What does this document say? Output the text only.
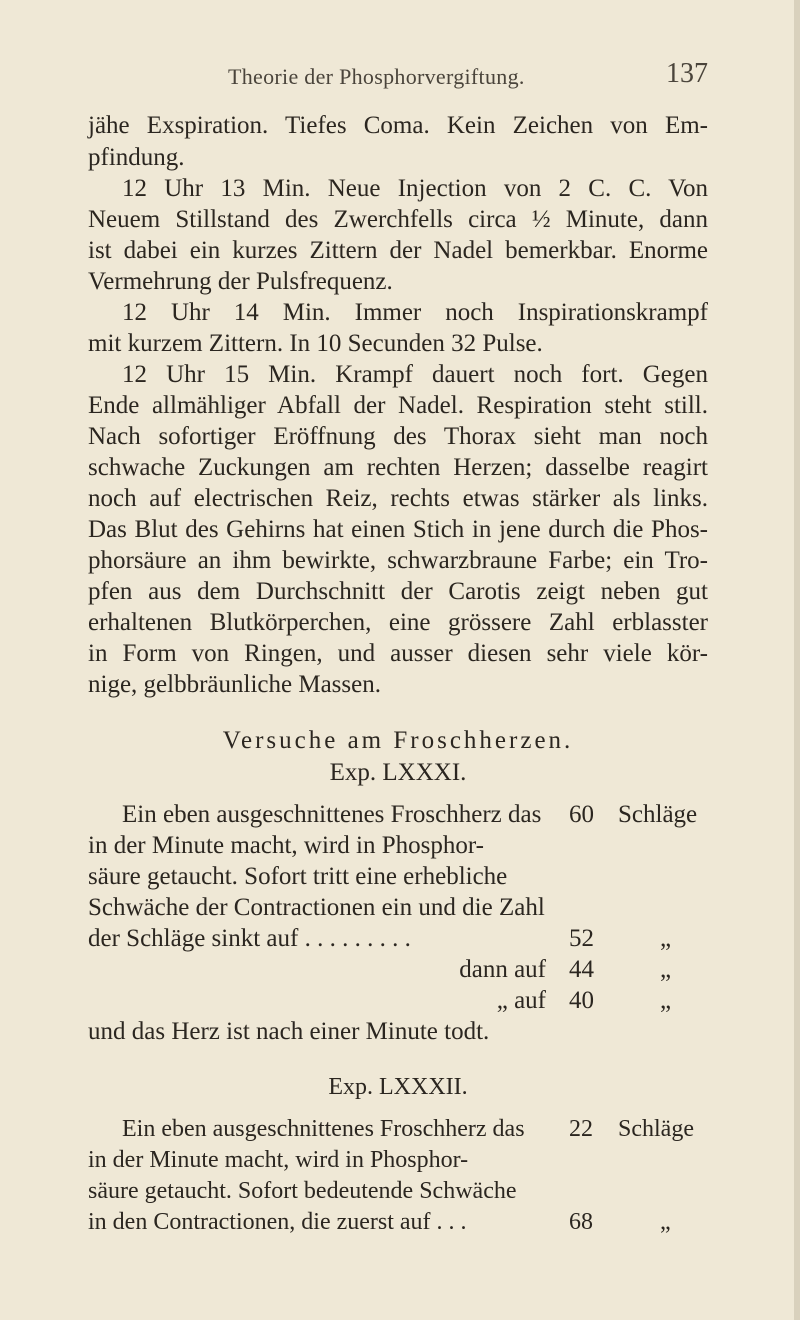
Theorie der Phosphorvergiftung.	137
jähe Exspiration. Tiefes Coma. Kein Zeichen von Em-
pfindung.
12 Uhr 13 Min. Neue Injection von 2 C. C. Von
Neuem Stillstand des Zwerchfells circa ½ Minute, dann
ist dabei ein kurzes Zittern der Nadel bemerkbar. Enorme
Vermehrung der Pulsfrequenz.
12 Uhr 14 Min. Immer noch Inspirationskrampf
mit kurzem Zittern. In 10 Secunden 32 Pulse.
12 Uhr 15 Min. Krampf dauert noch fort. Gegen
Ende allmähliger Abfall der Nadel. Respiration steht still.
Nach sofortiger Eröffnung des Thorax sieht man noch
schwache Zuckungen am rechten Herzen; dasselbe reagirt
noch auf electrischen Reiz, rechts etwas stärker als links.
Das Blut des Gehirns hat einen Stich in jene durch die Phos-
phorsäure an ihm bewirkte, schwarzbraune Farbe; ein Tro-
pfen aus dem Durchschnitt der Carotis zeigt neben gut
erhaltenen Blutkörperchen, eine grössere Zahl erblasster
in Form von Ringen, und ausser diesen sehr viele kör-
nige, gelbbräunliche Massen.
Versuche am Froschherzen.
Exp. LXXXI.
Ein eben ausgeschnittenes Froschherz das 60 Schläge
in der Minute macht, wird in Phosphor-
säure getaucht. Sofort tritt eine erhebliche
Schwäche der Contractionen ein und die Zahl
der Schläge sinkt auf . . . . . . . . .	52	„
dann auf 44	„
„ auf 40	„
und das Herz ist nach einer Minute todt.
Exp. LXXXII.
Ein eben ausgeschnittenes Froschherz das 22	Schläge
in der Minute macht, wird in Phosphor-
säure getaucht. Sofort bedeutende Schwäche
in den Contractionen, die zuerst auf . . .	68	„
